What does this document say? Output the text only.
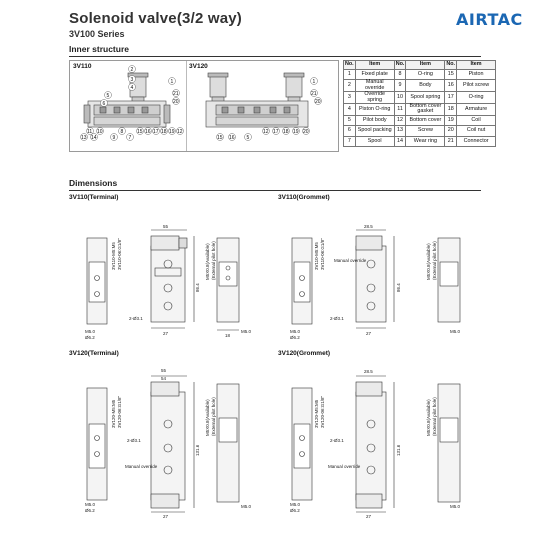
Solenoid valve(3/2 way)
3V100 Series
AIRTAC
Inner structure
3V110	3V120
2
3
4
5
6
1
21
20
13 14
11 10
9
8
7
15 16 17 18 19 12
1
21
20
15 16 5
12 17 18 19 20
No.	Item	No.	Item	No.	Item
1	Fixed plate	8	O-ring	15	Piston
2	Manual override	9	Body	16	Pilot screw
3	Override spring	10	Spool spring	17	O-ring
4	Piston O-ring	11	Bottom cover gasket	18	Armature
5	Pilot body	12	Bottom cover	19	Coil
6	Spool packing	13	Screw	20	Coil nut
7	Spool	14	Wear ring	21	Connector
Dimensions
3V110(Terminal)
55
27	18
M5.0
Ø6.2
2-Ø3.1
M5.0
86.4
3V110-M5:M5 3V110-06:G1/8"	M5X0.8(Available) (External pilot hole)
3V110(Grommet)
28.5
27
Manual override
2-Ø3.1
M5.0
Ø6.2
M5.0
86.4
3V110-M5:M5 3V110-06:G1/8"	M5X0.8(Available) (External pilot hole)
3V120(Terminal)
55
54
27
2-Ø3.1
Manual override
M5.0
Ø6.2
M5.0
131.6
3V120-M5:M5 3V120-06:G1/8"	M5X0.8(Available) (External pilot hole)
3V120(Grommet)
28.5
27
2-Ø3.1
Manual override
M5.0
Ø6.2
M5.0
131.6
3V120-M5:M5 3V120-06:G1/8"	M5X0.8(Available) (External pilot hole)
